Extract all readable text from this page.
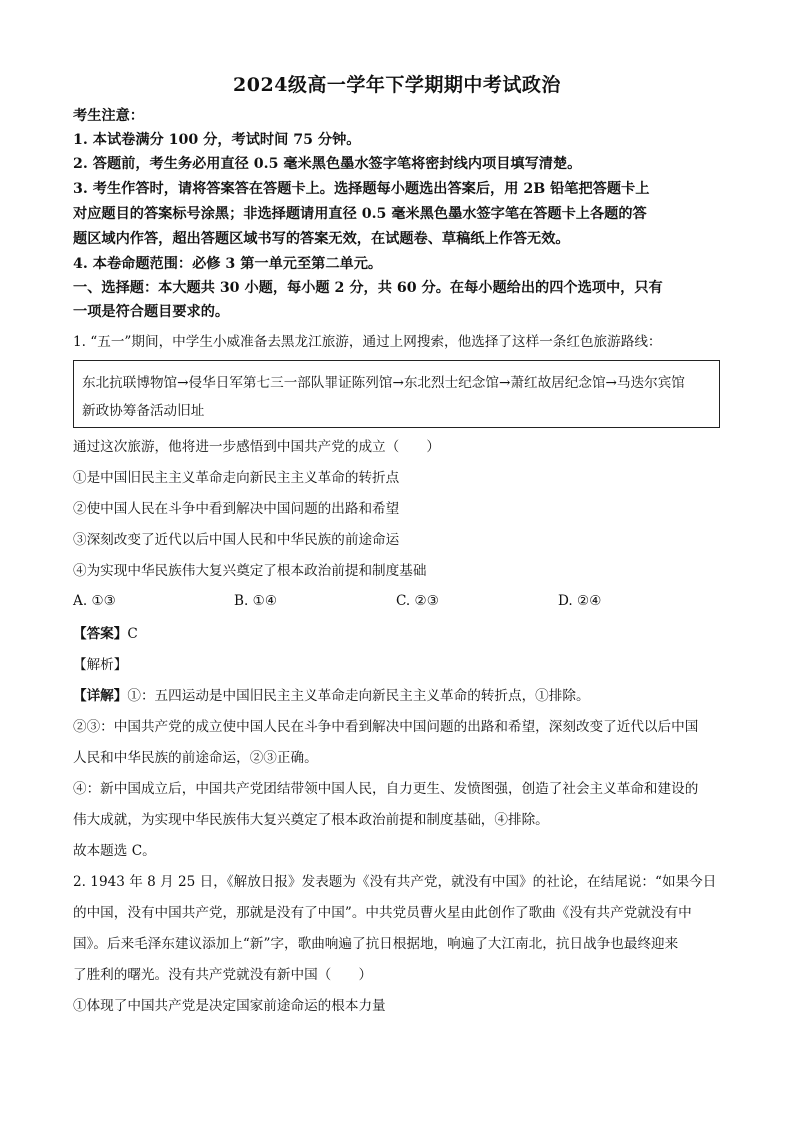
2024级高一学年下学期期中考试政治
考生注意：
1. 本试卷满分 100 分，考试时间 75 分钟。
2. 答题前，考生务必用直径 0.5 毫米黑色墨水签字笔将密封线内项目填写清楚。
3. 考生作答时，请将答案答在答题卡上。选择题每小题选出答案后，用 2B 铅笔把答题卡上
对应题目的答案标号涂黑；非选择题请用直径 0.5 毫米黑色墨水签字笔在答题卡上各题的答
题区域内作答，超出答题区域书写的答案无效，在试题卷、草稿纸上作答无效。
4. 本卷命题范围：必修 3 第一单元至第二单元。
一、选择题：本大题共 30 小题，每小题 2 分，共 60 分。在每小题给出的四个选项中，只有
一项是符合题目要求的。
1. “五一”期间，中学生小威准备去黑龙江旅游，通过上网搜索，他选择了这样一条红色旅游路线：
东北抗联博物馆→侵华日军第七三一部队罪证陈列馆→东北烈士纪念馆→萧红故居纪念馆→马迭尔宾馆
新政协筹备活动旧址
通过这次旅游，他将进一步感悟到中国共产党的成立（　　）
①是中国旧民主主义革命走向新民主主义革命的转折点
②使中国人民在斗争中看到解决中国问题的出路和希望
③深刻改变了近代以后中国人民和中华民族的前途命运
④为实现中华民族伟大复兴奠定了根本政治前提和制度基础
A. ①③	B. ①④	C. ②③	D. ②④
【答案】C
【解析】
【详解】①：五四运动是中国旧民主主义革命走向新民主主义革命的转折点，①排除。
②③：中国共产党的成立使中国人民在斗争中看到解决中国问题的出路和希望，深刻改变了近代以后中国
人民和中华民族的前途命运，②③正确。
④：新中国成立后，中国共产党团结带领中国人民，自力更生、发愤图强，创造了社会主义革命和建设的
伟大成就，为实现中华民族伟大复兴奠定了根本政治前提和制度基础，④排除。
故本题选 C。
2. 1943 年 8 月 25 日，《解放日报》发表题为《没有共产党，就没有中国》的社论，在结尾说：“如果今日
的中国，没有中国共产党，那就是没有了中国”。中共党员曹火星由此创作了歌曲《没有共产党就没有中
国》。后来毛泽东建议添加上“新”字，歌曲响遍了抗日根据地，响遍了大江南北，抗日战争也最终迎来
了胜利的曙光。没有共产党就没有新中国（　　）
①体现了中国共产党是决定国家前途命运的根本力量
